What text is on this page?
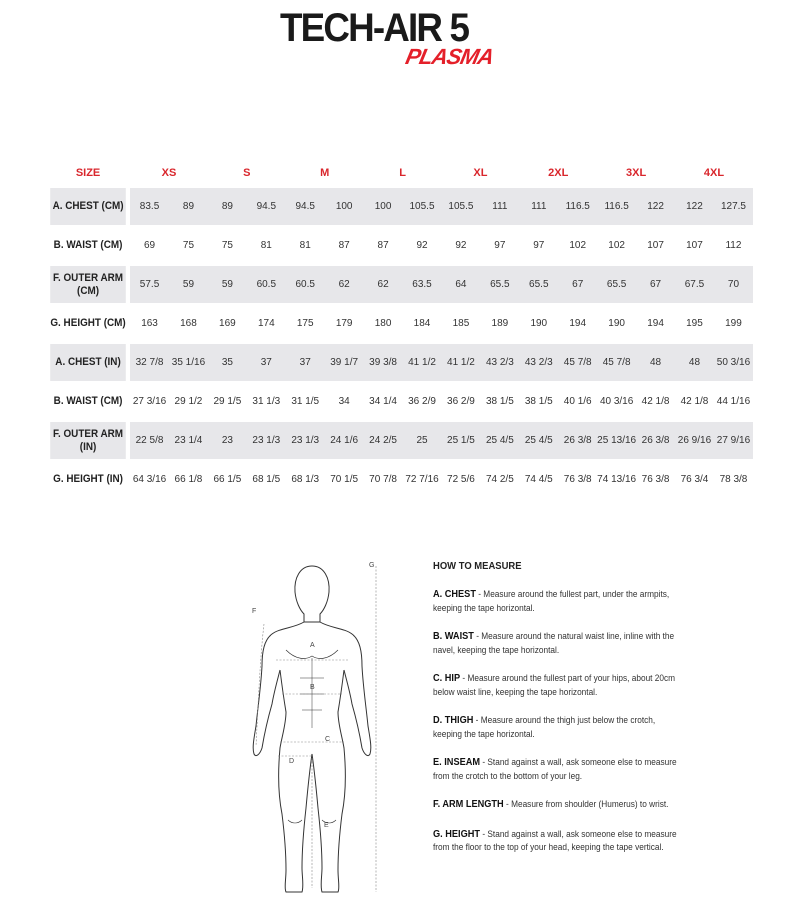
TECH-AIR 5
PLASMA
SIZE	XS		S		M		L		XL		2XL		3XL		4XL	
A. CHEST (CM)	83.5	89	89	94.5	94.5	100	100	105.5	105.5	111	111	116.5	116.5	122	122	127.5

B. WAIST (CM)	69	75	75	81	81	87	87	92	92	97	97	102	102	107	107	112

F. OUTER ARM (CM)	57.5	59	59	60.5	60.5	62	62	63.5	64	65.5	65.5	67	65.5	67	67.5	70

G. HEIGHT (CM)	163	168	169	174	175	179	180	184	185	189	190	194	190	194	195	199

A. CHEST (IN)	32 7/8	35 1/16	35	37	37	39 1/7	39 3/8	41 1/2	41 1/2	43 2/3	43 2/3	45 7/8	45 7/8	48	48	50 3/16

B. WAIST (CM)	27 3/16	29 1/2	29 1/5	31 1/3	31 1/5	34	34 1/4	36 2/9	36 2/9	38 1/5	38 1/5	40 1/6	40 3/16	42 1/8	42 1/8	44 1/16

F. OUTER ARM (IN)	22 5/8	23 1/4	23	23 1/3	23 1/3	24 1/6	24 2/5	25	25 1/5	25 4/5	25 4/5	26 3/8	25 13/16	26 3/8	26 9/16	27 9/16

G. HEIGHT (IN)	64 3/16	66 1/8	66 1/5	68 1/5	68 1/3	70 1/5	70 7/8	72 7/16	72 5/6	74 2/5	74 4/5	76 3/8	74 13/16	76 3/8	76 3/4	78 3/8
A
B
C
D
E
F
G	HOW TO MEASURE
A. CHEST - Measure around the fullest part, under the armpits, keeping the tape horizontal.
B. WAIST - Measure around the natural waist line, inline with the navel, keeping the tape horizontal.
C. HIP - Measure around the fullest part of your hips, about 20cm below waist line, keeping the tape horizontal.
D. THIGH - Measure around the thigh just below the crotch, keeping the tape horizontal.
E. INSEAM - Stand against a wall, ask someone else to measure from the crotch to the bottom of your leg.
F. ARM LENGTH - Measure from shoulder (Humerus) to wrist.
G. HEIGHT - Stand against a wall, ask someone else to measure from the floor to the top of your head, keeping the tape vertical.
